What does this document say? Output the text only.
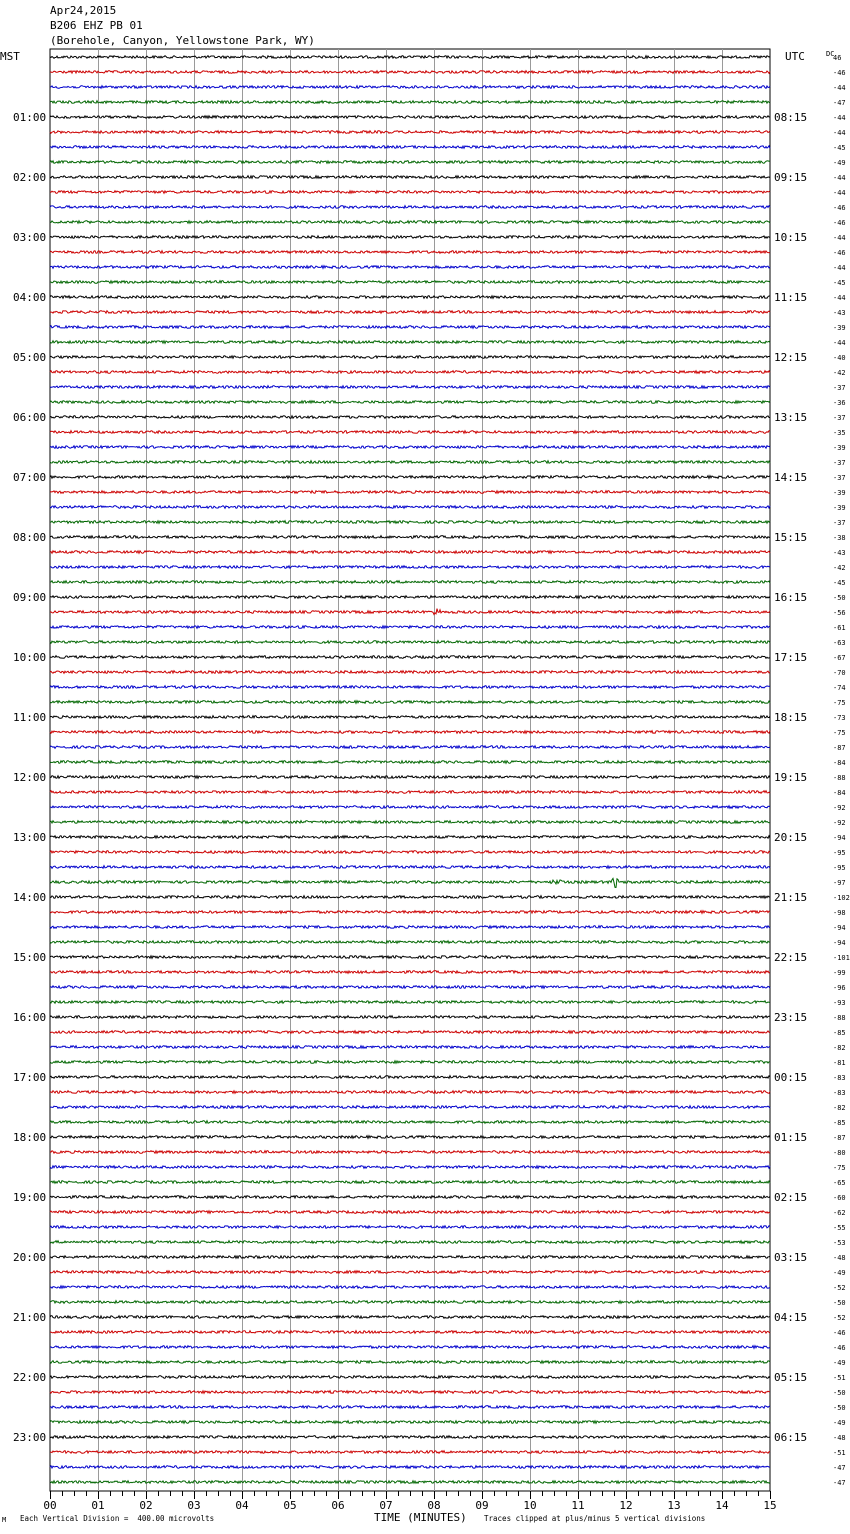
Apr24,2015
B206 EHZ PB 01
(Borehole, Canyon, Yellowstone Park, WY)
MST	UTC	DC
46
-46
-44
-47
-44
-44
-45
-49
-44
-44
-46
-46
-44
-46
-44
-45
-44
-43
-39
-44
-40
-42
-37
-36
-37
-35
-39
-37
-37
-39
-39
-37
-38
-43
-42
-45
-50
-56
-61
-63
-67
-70
-74
-75
-73
-75
-87
-84
-88
-84
-92
-92
-94
-95
-95
-97
-102
-98
-94
-94
-101
-99
-96
-93
-88
-85
-82
-81
-83
-83
-82
-85
-87
-80
-75
-65
-60
-62
-55
-53
-48
-49
-52
-50
-52
-46
-46
-49
-51
-50
-50
-49
-48
-51
-47
-47
01:00	08:15
02:00	09:15
03:00	10:15
04:00	11:15
05:00	12:15
06:00	13:15
07:00	14:15
08:00	15:15
09:00	16:15
10:00	17:15
11:00	18:15
12:00	19:15
13:00	20:15
14:00	21:15
15:00	22:15
16:00	23:15
17:00	00:15
18:00	01:15
19:00	02:15
20:00	03:15
21:00	04:15
22:00	05:15
23:00	06:15
00	01	02	03	04	05	06	07	08	09	10	11	12	13	14	15
M Each Vertical Division =  400.00 microvolts	TIME (MINUTES) Traces clipped at plus/minus 5 vertical divisions
